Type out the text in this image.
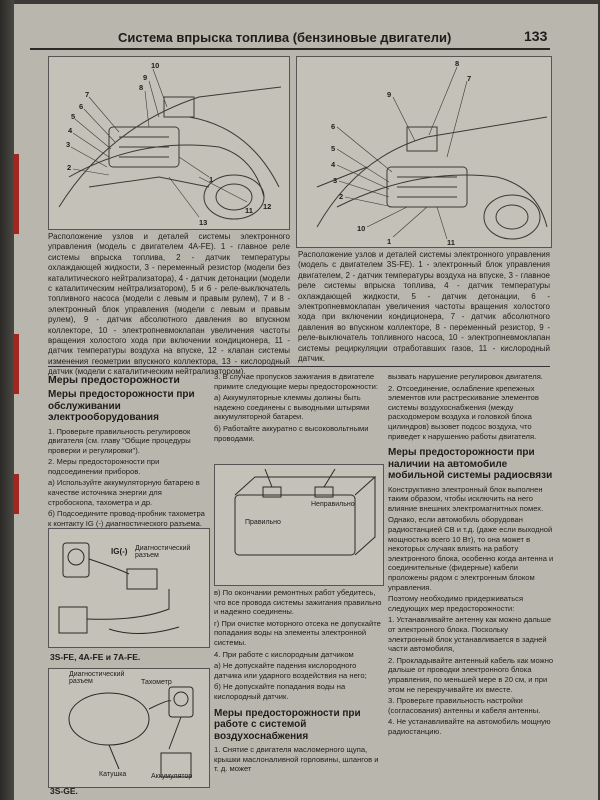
Система впрыска топлива (бензиновые двигатели)	133
10
9
8
7
6
5
4
3
2
1
11 12
13
8
7
9
6
5
4
3
2
10
1	11
Расположение узлов и деталей системы электронного управления (модель с двигателем 4A-FE). 1 - главное реле системы впрыска топлива, 2 - датчик температуры охлаждающей жидкости, 3 - переменный резистор (модели без каталитического нейтрализатора), 4 - датчик детонации (модели с каталитическим нейтрализатором), 5 и 6 - реле-выключатель топливного насоса (модели с левым и правым рулем), 7 и 8 - электронный блок управления (модели с левым и правым рулем), 9 - датчик абсолютного давления во впускном коллекторе, 10 - электропневмоклапан увеличения частоты вращения холостого хода при включении кондиционера, 11 - датчик температуры воздуха на впуске, 12 - клапан системы изменения геометрии впускного коллектора, 13 - кислородный датчик (модели с каталитическим нейтрализатором).
Расположение узлов и деталей системы электронного управления (модель с двигателем 3S-FE). 1 - электронный блок управления двигателем, 2 - датчик температуры воздуха на впуске, 3 - главное реле системы впрыска топлива, 4 - датчик температуры охлаждающей жидкости, 5 - датчик детонации, 6 - электропневмоклапан увеличения частоты вращения холостого хода при включении кондиционера, 7 - датчик абсолютного давления во впускном коллекторе, 8 - переменный резистор, 9 - реле-выключатель топливного насоса, 10 - электропневмоклапан системы рециркуляции отработавших газов, 11 - кислородный датчик.
Меры предосторожности
Меры предосторожности при обслуживании электрооборудования

1. Проверьте правильность регулировок двигателя (см. главу "Общие процедуры проверки и регулировки").

2. Меры предосторожности при подсоединении приборов.

а) Используйте аккумуляторную батарею в качестве источника энергии для стробоскопа, тахометра и др.

б) Подсоедините провод-пробник тахометра к контакту IG (-) диагностического разъема.

IG(-) Диагностический разъем
3S-FE, 4A-FE и 7A-FE.
Диагностический разъем	Тахометр
Катушка	Аккумулятор
3S-GE.

3. В случае пропусков зажигания в двигателе примите следующие меры предосторожности:

а) Аккумуляторные клеммы должны быть надежно соединены с выводными штырями аккумуляторной батареи.

б) Работайте аккуратно с высоковольтными проводами.

Неправильно
Правильно

в) По окончании ремонтных работ убедитесь, что все провода системы зажигания правильно и надежно соединены.

г) При очистке моторного отсека не допускайте попадания воды на элементы электронной системы.

4. При работе с кислородным датчиком

а) Не допускайте падения кислородного датчика или ударного воздействия на него;

б) Не допускайте попадания воды на кислородный датчик.

Меры предосторожности при работе с системой воздухоснабжения

1. Снятие с двигателя масломерного щупа, крышки маслоналивной горловины, шлангов и т. д. может

вызвать нарушение регулировок двигателя.

2. Отсоединение, ослабление крепежных элементов или растрескивание элементов системы воздухоснабжения (между расходомером воздуха и головкой блока цилиндров) вызовет подсос воздуха, что приведет к нарушению работы двигателя.

Меры предосторожности при наличии на автомобиле мобильной системы радиосвязи

Конструктивно электронный блок выполнен таким образом, чтобы исключить на него влияние внешних электромагнитных помех.

Однако, если автомобиль оборудован радиостанцией СВ и т.д. (даже если выходной мощностью всего 10 Вт), то она может в некоторых случаях влиять на работу электронного блока, особенно когда антенна и соединительные (фидерные) кабели проложены рядом с электронным блоком управления.

Поэтому необходимо придерживаться следующих мер предосторожности:

1. Устанавливайте антенну как можно дальше от электронного блока. Поскольку электронный блок устанавливается в задней части автомобиля,

2. Прокладывайте антенный кабель как можно дальше от проводки электронного блока управления, по меньшей мере в 20 см, и при этом не перекручивайте их вместе.

3. Проверьте правильность настройки (согласования) антенны и кабеля антенны.

4. Не устанавливайте на автомобиль мощную радиостанцию.
